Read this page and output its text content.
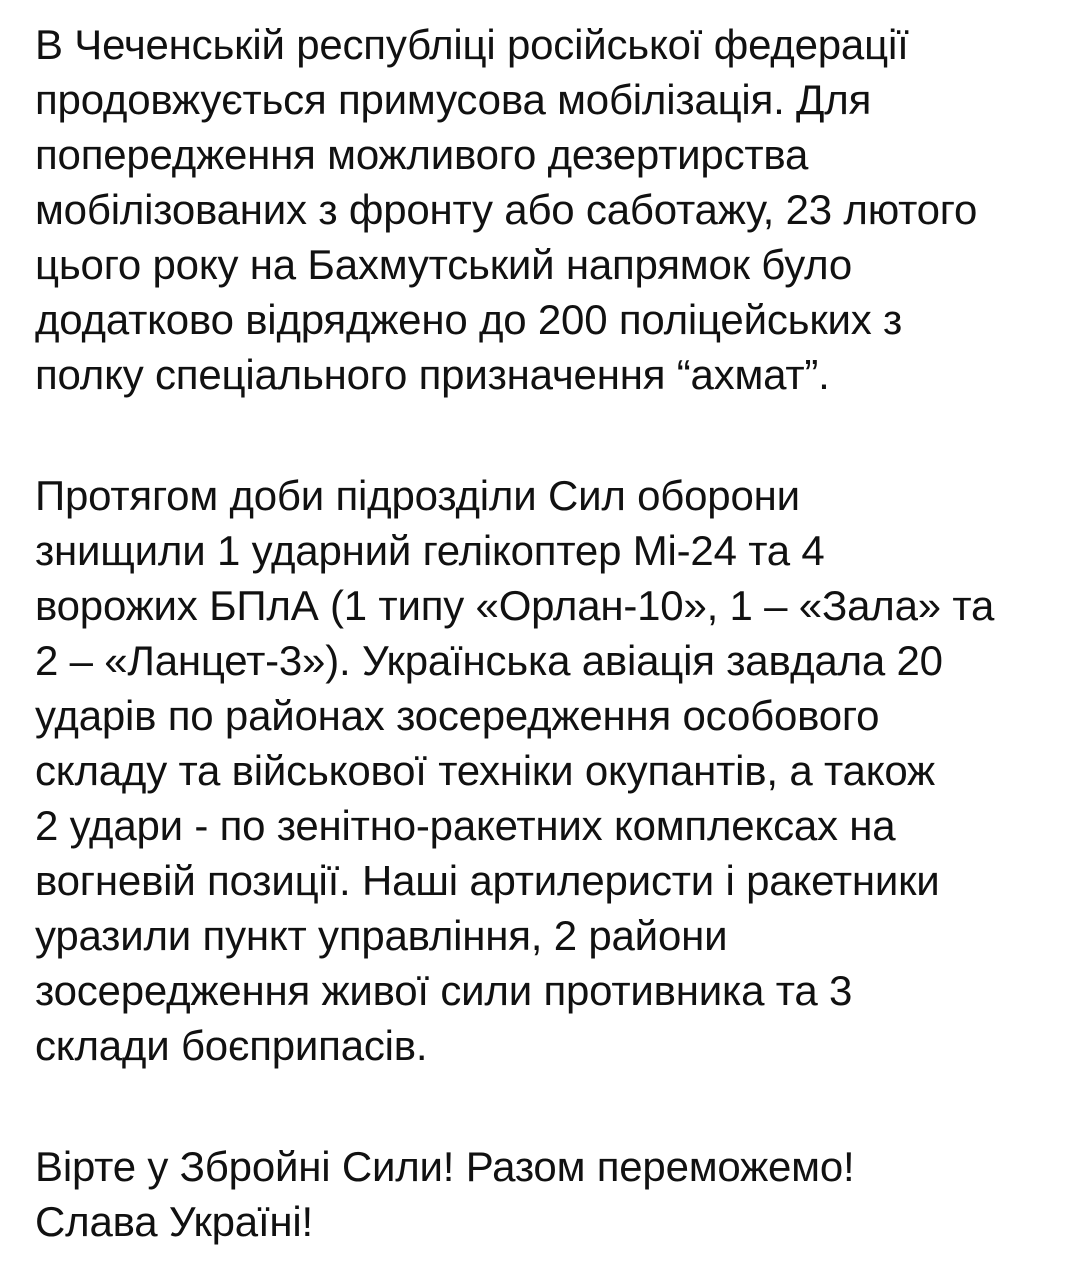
В Чеченській республіці російської федерації
продовжується примусова мобілізація. Для
попередження можливого дезертирства
мобілізованих з фронту або саботажу, 23 лютого
цього року на Бахмутський напрямок було
додатково відряджено до 200 поліцейських з
полку спеціального призначення “ахмат”.
Протягом доби підрозділи Сил оборони
знищили 1 ударний гелікоптер Мі-24 та 4
ворожих БПлА (1 типу «Орлан-10», 1 – «Зала» та
2 – «Ланцет-3»). Українська авіація завдала 20
ударів по районах зосередження особового
складу та військової техніки окупантів, а також
2 удари - по зенітно-ракетних комплексах на
вогневій позиції. Наші артилеристи і ракетники
уразили пункт управління, 2 райони
зосередження живої сили противника та 3
склади боєприпасів.
Вірте у Збройні Сили! Разом переможемо!
Слава Україні!
